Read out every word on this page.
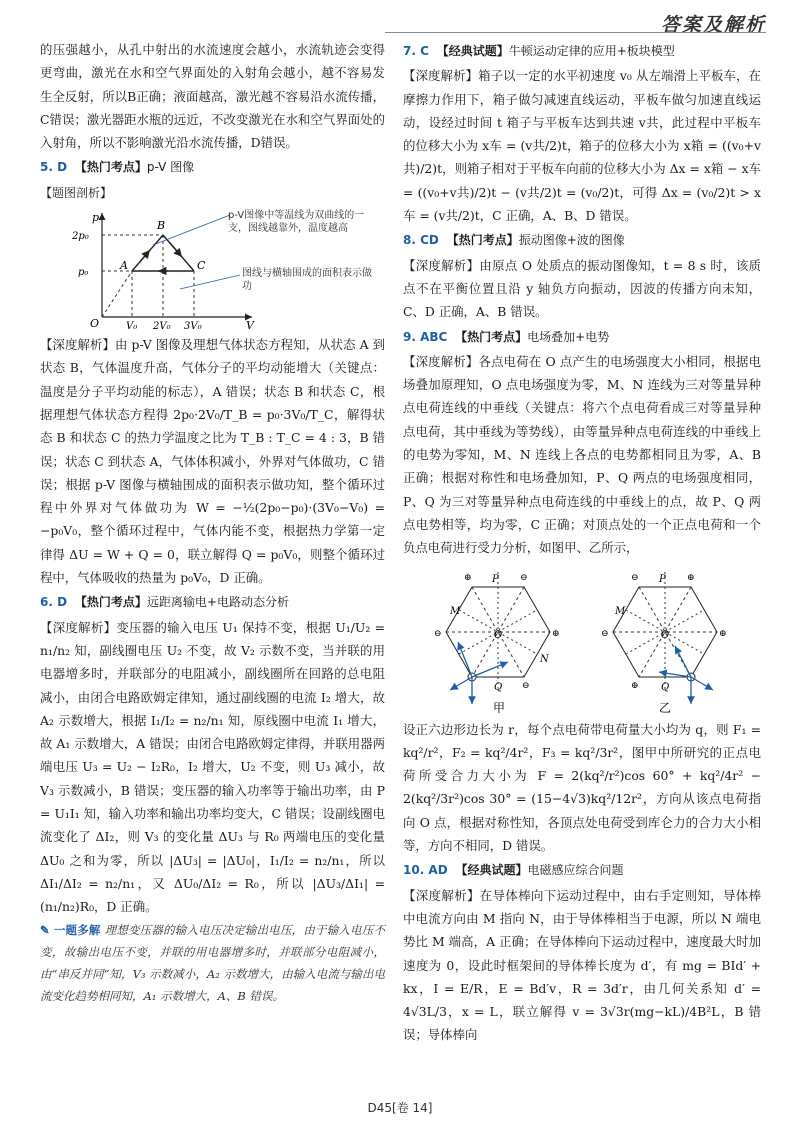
答案及解析

的压强越小，从孔中射出的水流速度会越小，水流轨迹会变得更弯曲，激光在水和空气界面处的入射角会越小，越不容易发生全反射，所以B正确；液面越高，激光越不容易沿水流传播，C错误；激光器距水瓶的远近，不改变激光在水和空气界面处的入射角，所以不影响激光沿水流传播，D错误。

5. D 【热门考点】p-V 图像
【题图剖析】
p
V
O
A
B
C
2p₀
p₀
V₀ 2V₀ 3V₀
p-V图像中等温线为双曲线的一支，图线越靠外，温度越高
图线与横轴围成的面积表示做功

【深度解析】由 p-V 图像及理想气体状态方程知，从状态 A 到状态 B，气体温度升高，气体分子的平均动能增大（关键点：温度是分子平均动能的标志），A 错误；状态 B 和状态 C，根据理想气体状态方程得 2p₀·2V₀/T_B = p₀·3V₀/T_C，解得状态 B 和状态 C 的热力学温度之比为 T_B : T_C = 4 : 3，B 错误；状态 C 到状态 A，气体体积减小，外界对气体做功，C 错误；根据 p-V 图像与横轴围成的面积表示做功知，整个循环过程中外界对气体做功为 W = −½(2p₀−p₀)·(3V₀−V₀) = −p₀V₀，整个循环过程中，气体内能不变，根据热力学第一定律得 ΔU = W + Q = 0，联立解得 Q = p₀V₀，则整个循环过程中，气体吸收的热量为 p₀V₀，D 正确。

6. D 【热门考点】远距离输电+电路动态分析

【深度解析】变压器的输入电压 U₁ 保持不变，根据 U₁/U₂ = n₁/n₂ 知，副线圈电压 U₂ 不变，故 V₂ 示数不变，当并联的用电器增多时，并联部分的电阻减小，副线圈所在回路的总电阻减小，由闭合电路欧姆定律知，通过副线圈的电流 I₂ 增大，故 A₂ 示数增大，根据 I₁/I₂ = n₂/n₁ 知，原线圈中电流 I₁ 增大，故 A₁ 示数增大，A 错误；由闭合电路欧姆定律得，并联用器两端电压 U₃ = U₂ − I₂R₀，I₂ 增大，U₂ 不变，则 U₃ 减小，故 V₃ 示数减小，B 错误；变压器的输入功率等于输出功率，由 P = U₁I₁ 知，输入功率和输出功率均变大，C 错误；设副线圈电流变化了 ΔI₂，则 V₃ 的变化量 ΔU₃ 与 R₀ 两端电压的变化量 ΔU₀ 之和为零，所以 |ΔU₃| = |ΔU₀|，I₁/I₂ = n₂/n₁，所以 ΔI₁/ΔI₂ = n₂/n₁，又 ΔU₀/ΔI₂ = R₀，所以 |ΔU₃/ΔI₁| = (n₁/n₂)R₀，D 正确。

✎ 一题多解 理想变压器的输入电压决定输出电压，由于输入电压不变，故输出电压不变，并联的用电器增多时，并联部分电阻减小，由“串反并同”知，V₃ 示数减小，A₂ 示数增大，由输入电流与输出电流变化趋势相同知，A₁ 示数增大，A、B 错误。

7. C 【经典试题】牛顿运动定律的应用+板块模型

【深度解析】箱子以一定的水平初速度 v₀ 从左端滑上平板车，在摩擦力作用下，箱子做匀减速直线运动，平板车做匀加速直线运动，设经过时间 t 箱子与平板车达到共速 v共，此过程中平板车的位移大小为 x车 = (v共/2)t，箱子的位移大小为 x箱 = ((v₀+v共)/2)t，则箱子相对于平板车向前的位移大小为 Δx = x箱 − x车 = ((v₀+v共)/2)t − (v共/2)t = (v₀/2)t，可得 Δx = (v₀/2)t > x车 = (v共/2)t，C 正确，A、B、D 错误。

8. CD 【热门考点】振动图像+波的图像

【深度解析】由原点 O 处质点的振动图像知，t = 8 s 时，该质点不在平衡位置且沿 y 轴负方向振动，因波的传播方向未知，C、D 正确，A、B 错误。

9. ABC 【热门考点】电场叠加+电势

【深度解析】各点电荷在 O 点产生的电场强度大小相同，根据电场叠加原理知，O 点电场强度为零，M、N 连线为三对等量异种点电荷连线的中垂线（关键点：将六个点电荷看成三对等量异种点电荷，其中垂线为等势线），由等量异种点电荷连线的中垂线上的电势为零知，M、N 连线上各点的电势都相同且为零，A、B 正确；根据对称性和电场叠加知，P、Q 两点的电场强度相同，P、Q 为三对等量异种点电荷连线的中垂线上的点，故 P、Q 两点电势相等，均为零，C 正确；对顶点处的一个正点电荷和一个负点电荷进行受力分析，如图甲、乙所示，

⊕	⊖
⊕
⊖
⊖
P
Q
M
N
O
甲
⊖	⊕
⊕
⊖
⊕
P
Q
M
O
乙

设正六边形边长为 r，每个点电荷带电荷量大小均为 q，则 F₁ = kq²/r²，F₂ = kq²/4r²，F₃ = kq²/3r²，图甲中所研究的正点电荷所受合力大小为 F = 2(kq²/r²)cos 60° + kq²/4r² − 2(kq²/3r²)cos 30° = (15−4√3)kq²/12r²，方向从该点电荷指向 O 点，根据对称性知，各顶点处电荷受到库仑力的合力大小相等，方向不相同，D 错误。

10. AD 【经典试题】电磁感应综合问题

【深度解析】在导体棒向下运动过程中，由右手定则知，导体棒中电流方向由 M 指向 N，由于导体棒相当于电源，所以 N 端电势比 M 端高，A 正确；在导体棒向下运动过程中，速度最大时加速度为 0，设此时框架间的导体棒长度为 d′，有 mg = BId′ + kx，I = E/R，E = Bd′v，R = 3d′r，由几何关系知 d′ = 4√3L/3，x = L，联立解得 v = 3√3r(mg−kL)/4B²L，B 错误；导体棒向

D45[卷 14]
